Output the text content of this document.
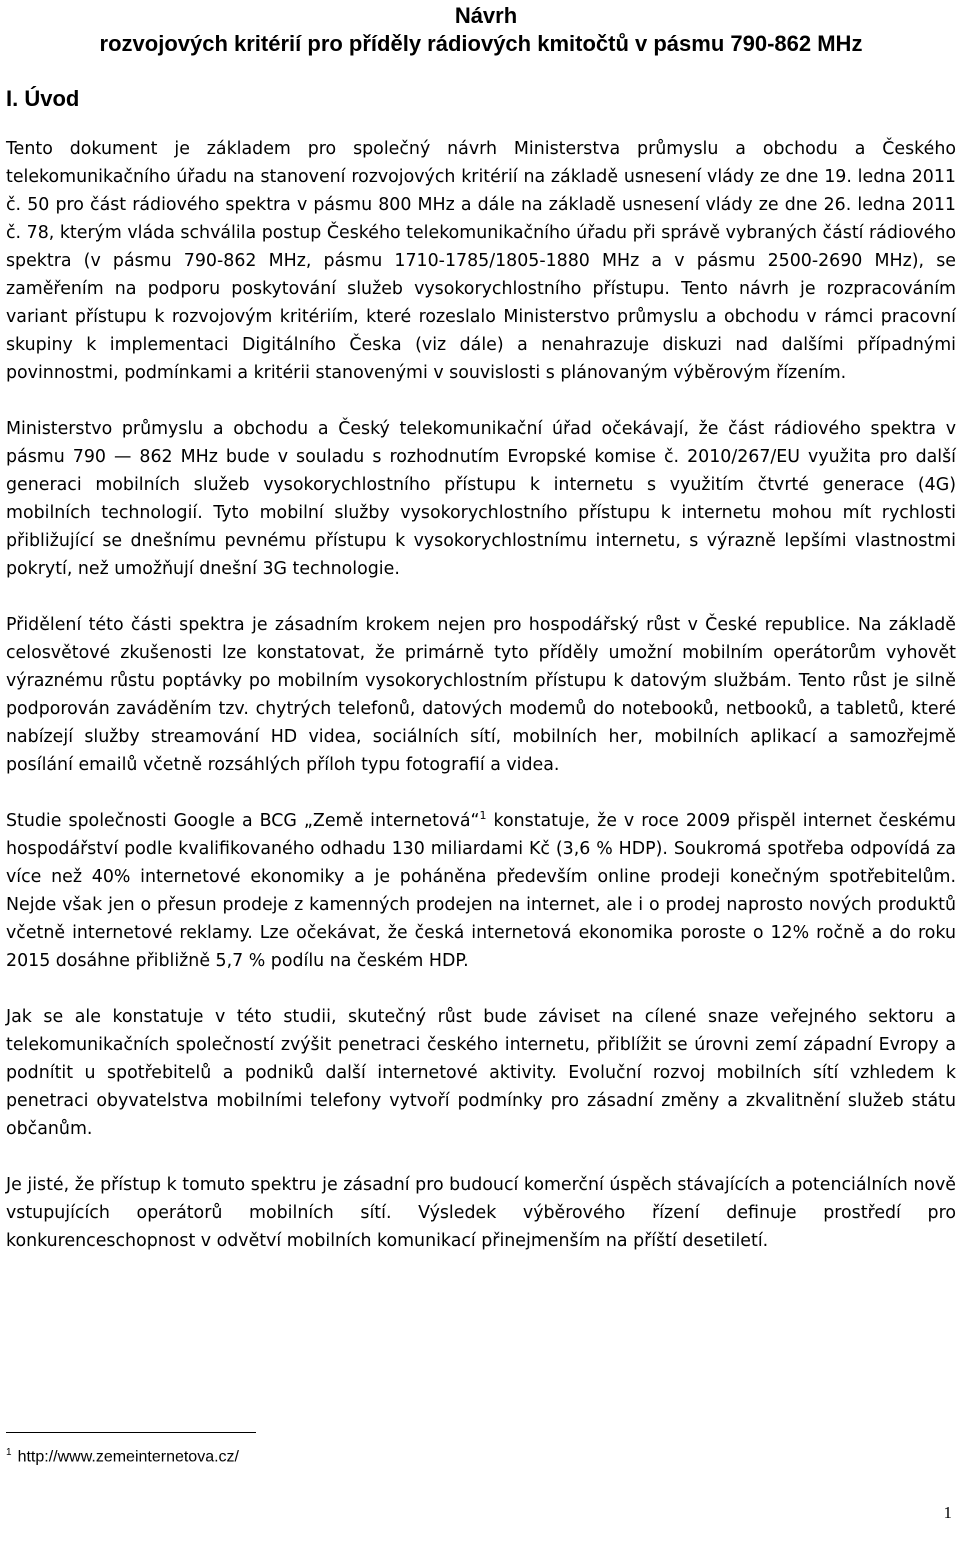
Návrh
rozvojových kritérií pro příděly rádiových kmitočtů v pásmu 790-862 MHz
I. Úvod

Tento dokument je základem pro společný návrh Ministerstva průmyslu a obchodu a Českého telekomunikačního úřadu na stanovení rozvojových kritérií na základě usnesení vlády ze dne 19. ledna 2011 č. 50 pro část rádiového spektra v pásmu 800 MHz a dále na základě usnesení vlády ze dne 26. ledna 2011 č. 78, kterým vláda schválila postup Českého telekomunikačního úřadu při správě vybraných částí rádiového spektra (v pásmu 790-862 MHz, pásmu 1710-1785/1805-1880 MHz a v pásmu 2500-2690 MHz), se zaměřením na podporu poskytování služeb vysokorychlostního přístupu. Tento návrh je rozpracováním variant přístupu k rozvojovým kritériím, které rozeslalo Ministerstvo průmyslu a obchodu v rámci pracovní skupiny k implementaci Digitálního Česka (viz dále) a nenahrazuje diskuzi nad dalšími případnými povinnostmi, podmínkami a kritérii stanovenými v souvislosti s plánovaným výběrovým řízením.

Ministerstvo průmyslu a obchodu a Český telekomunikační úřad očekávají, že část rádiového spektra v pásmu 790 — 862 MHz bude v souladu s rozhodnutím Evropské komise č. 2010/267/EU využita pro další generaci mobilních služeb vysokorychlostního přístupu k internetu s využitím čtvrté generace (4G) mobilních technologií. Tyto mobilní služby vysokorychlostního přístupu k internetu mohou mít rychlosti přibližující se dnešnímu pevnému přístupu k vysokorychlostnímu internetu, s výrazně lepšími vlastnostmi pokrytí, než umožňují dnešní 3G technologie.

Přidělení této části spektra je zásadním krokem nejen pro hospodářský růst v České republice. Na základě celosvětové zkušenosti lze konstatovat, že primárně tyto příděly umožní mobilním operátorům vyhovět výraznému růstu poptávky po mobilním vysokorychlostním přístupu k datovým službám. Tento růst je silně podporován zaváděním tzv. chytrých telefonů, datových modemů do notebooků, netbooků, a tabletů, které nabízejí služby streamování HD videa, sociálních sítí, mobilních her, mobilních aplikací a samozřejmě posílání emailů včetně rozsáhlých příloh typu fotografií a videa.

Studie společnosti Google a BCG „Země internetová“$^1$ konstatuje, že v roce 2009 přispěl internet českému hospodářství podle kvalifikovaného odhadu 130 miliardami Kč (3,6 % HDP). Soukromá spotřeba odpovídá za více než 40% internetové ekonomiky a je poháněna především online prodeji konečným spotřebitelům. Nejde však jen o přesun prodeje z kamenných prodejen na internet, ale i o prodej naprosto nových produktů včetně internetové reklamy. Lze očekávat, že česká internetová ekonomika poroste o 12% ročně a do roku 2015 dosáhne přibližně 5,7 % podílu na českém HDP.

Jak se ale konstatuje v této studii, skutečný růst bude záviset na cílené snaze veřejného sektoru a telekomunikačních společností zvýšit penetraci českého internetu, přiblížit se úrovni zemí západní Evropy a podnítit u spotřebitelů a podniků další internetové aktivity. Evoluční rozvoj mobilních sítí vzhledem k penetraci obyvatelstva mobilními telefony vytvoří podmínky pro zásadní změny a zkvalitnění služeb státu občanům.

Je jisté, že přístup k tomuto spektru je zásadní pro budoucí komerční úspěch stávajících a potenciálních nově vstupujících operátorů mobilních sítí. Výsledek výběrového řízení definuje prostředí pro konkurenceschopnost v odvětví mobilních komunikací přinejmenším na příští desetiletí.

$^1$ http://www.zemeinternetova.cz/
1
